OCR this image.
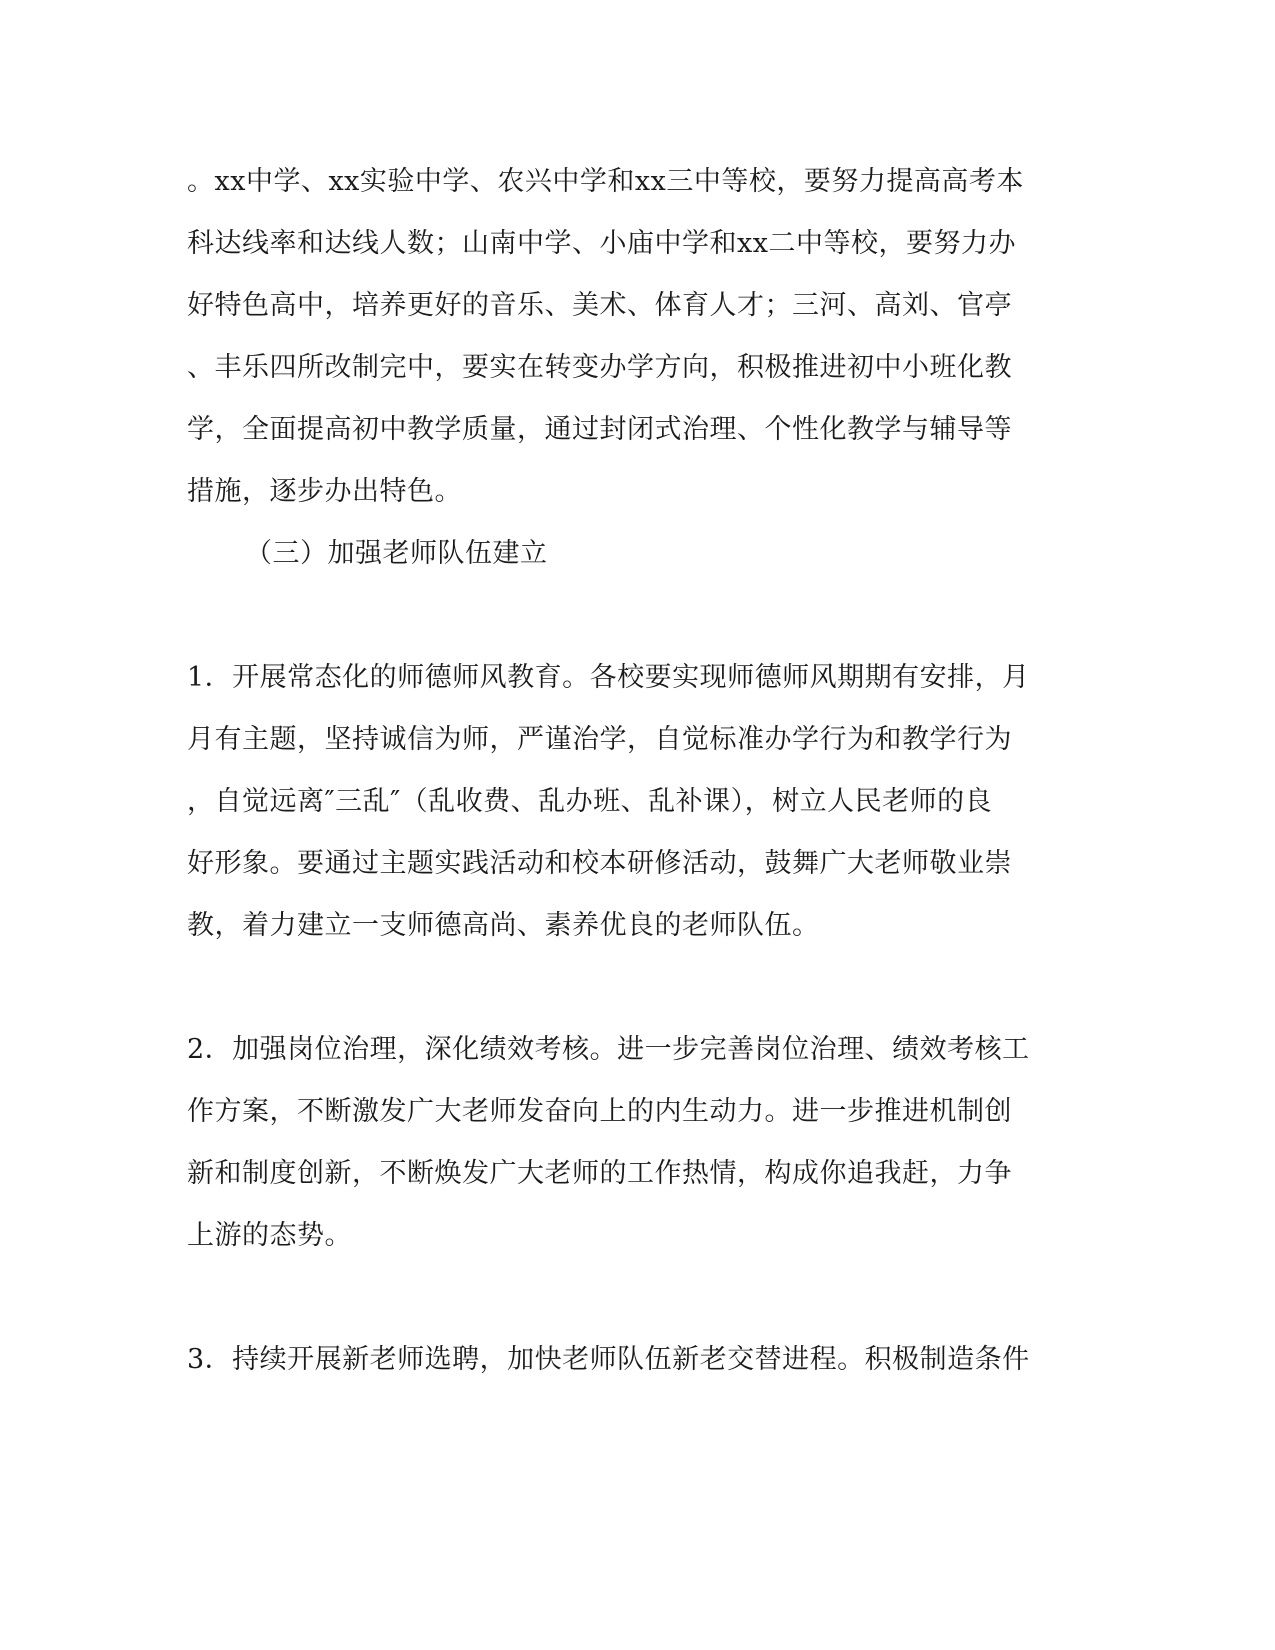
。xx中学、xx实验中学、农兴中学和xx三中等校，要努力提高高考本
科达线率和达线人数；山南中学、小庙中学和xx二中等校，要努力办
好特色高中，培养更好的音乐、美术、体育人才；三河、高刘、官亭
、丰乐四所改制完中，要实在转变办学方向，积极推进初中小班化教
学，全面提高初中教学质量，通过封闭式治理、个性化教学与辅导等
措施，逐步办出特色。
（三）加强老师队伍建立
1．开展常态化的师德师风教育。各校要实现师德师风期期有安排，月
月有主题，坚持诚信为师，严谨治学，自觉标准办学行为和教学行为
，自觉远离″三乱″（乱收费、乱办班、乱补课），树立人民老师的良
好形象。要通过主题实践活动和校本研修活动，鼓舞广大老师敬业崇
教，着力建立一支师德高尚、素养优良的老师队伍。
2．加强岗位治理，深化绩效考核。进一步完善岗位治理、绩效考核工
作方案，不断激发广大老师发奋向上的内生动力。进一步推进机制创
新和制度创新，不断焕发广大老师的工作热情，构成你追我赶，力争
上游的态势。
3．持续开展新老师选聘，加快老师队伍新老交替进程。积极制造条件
